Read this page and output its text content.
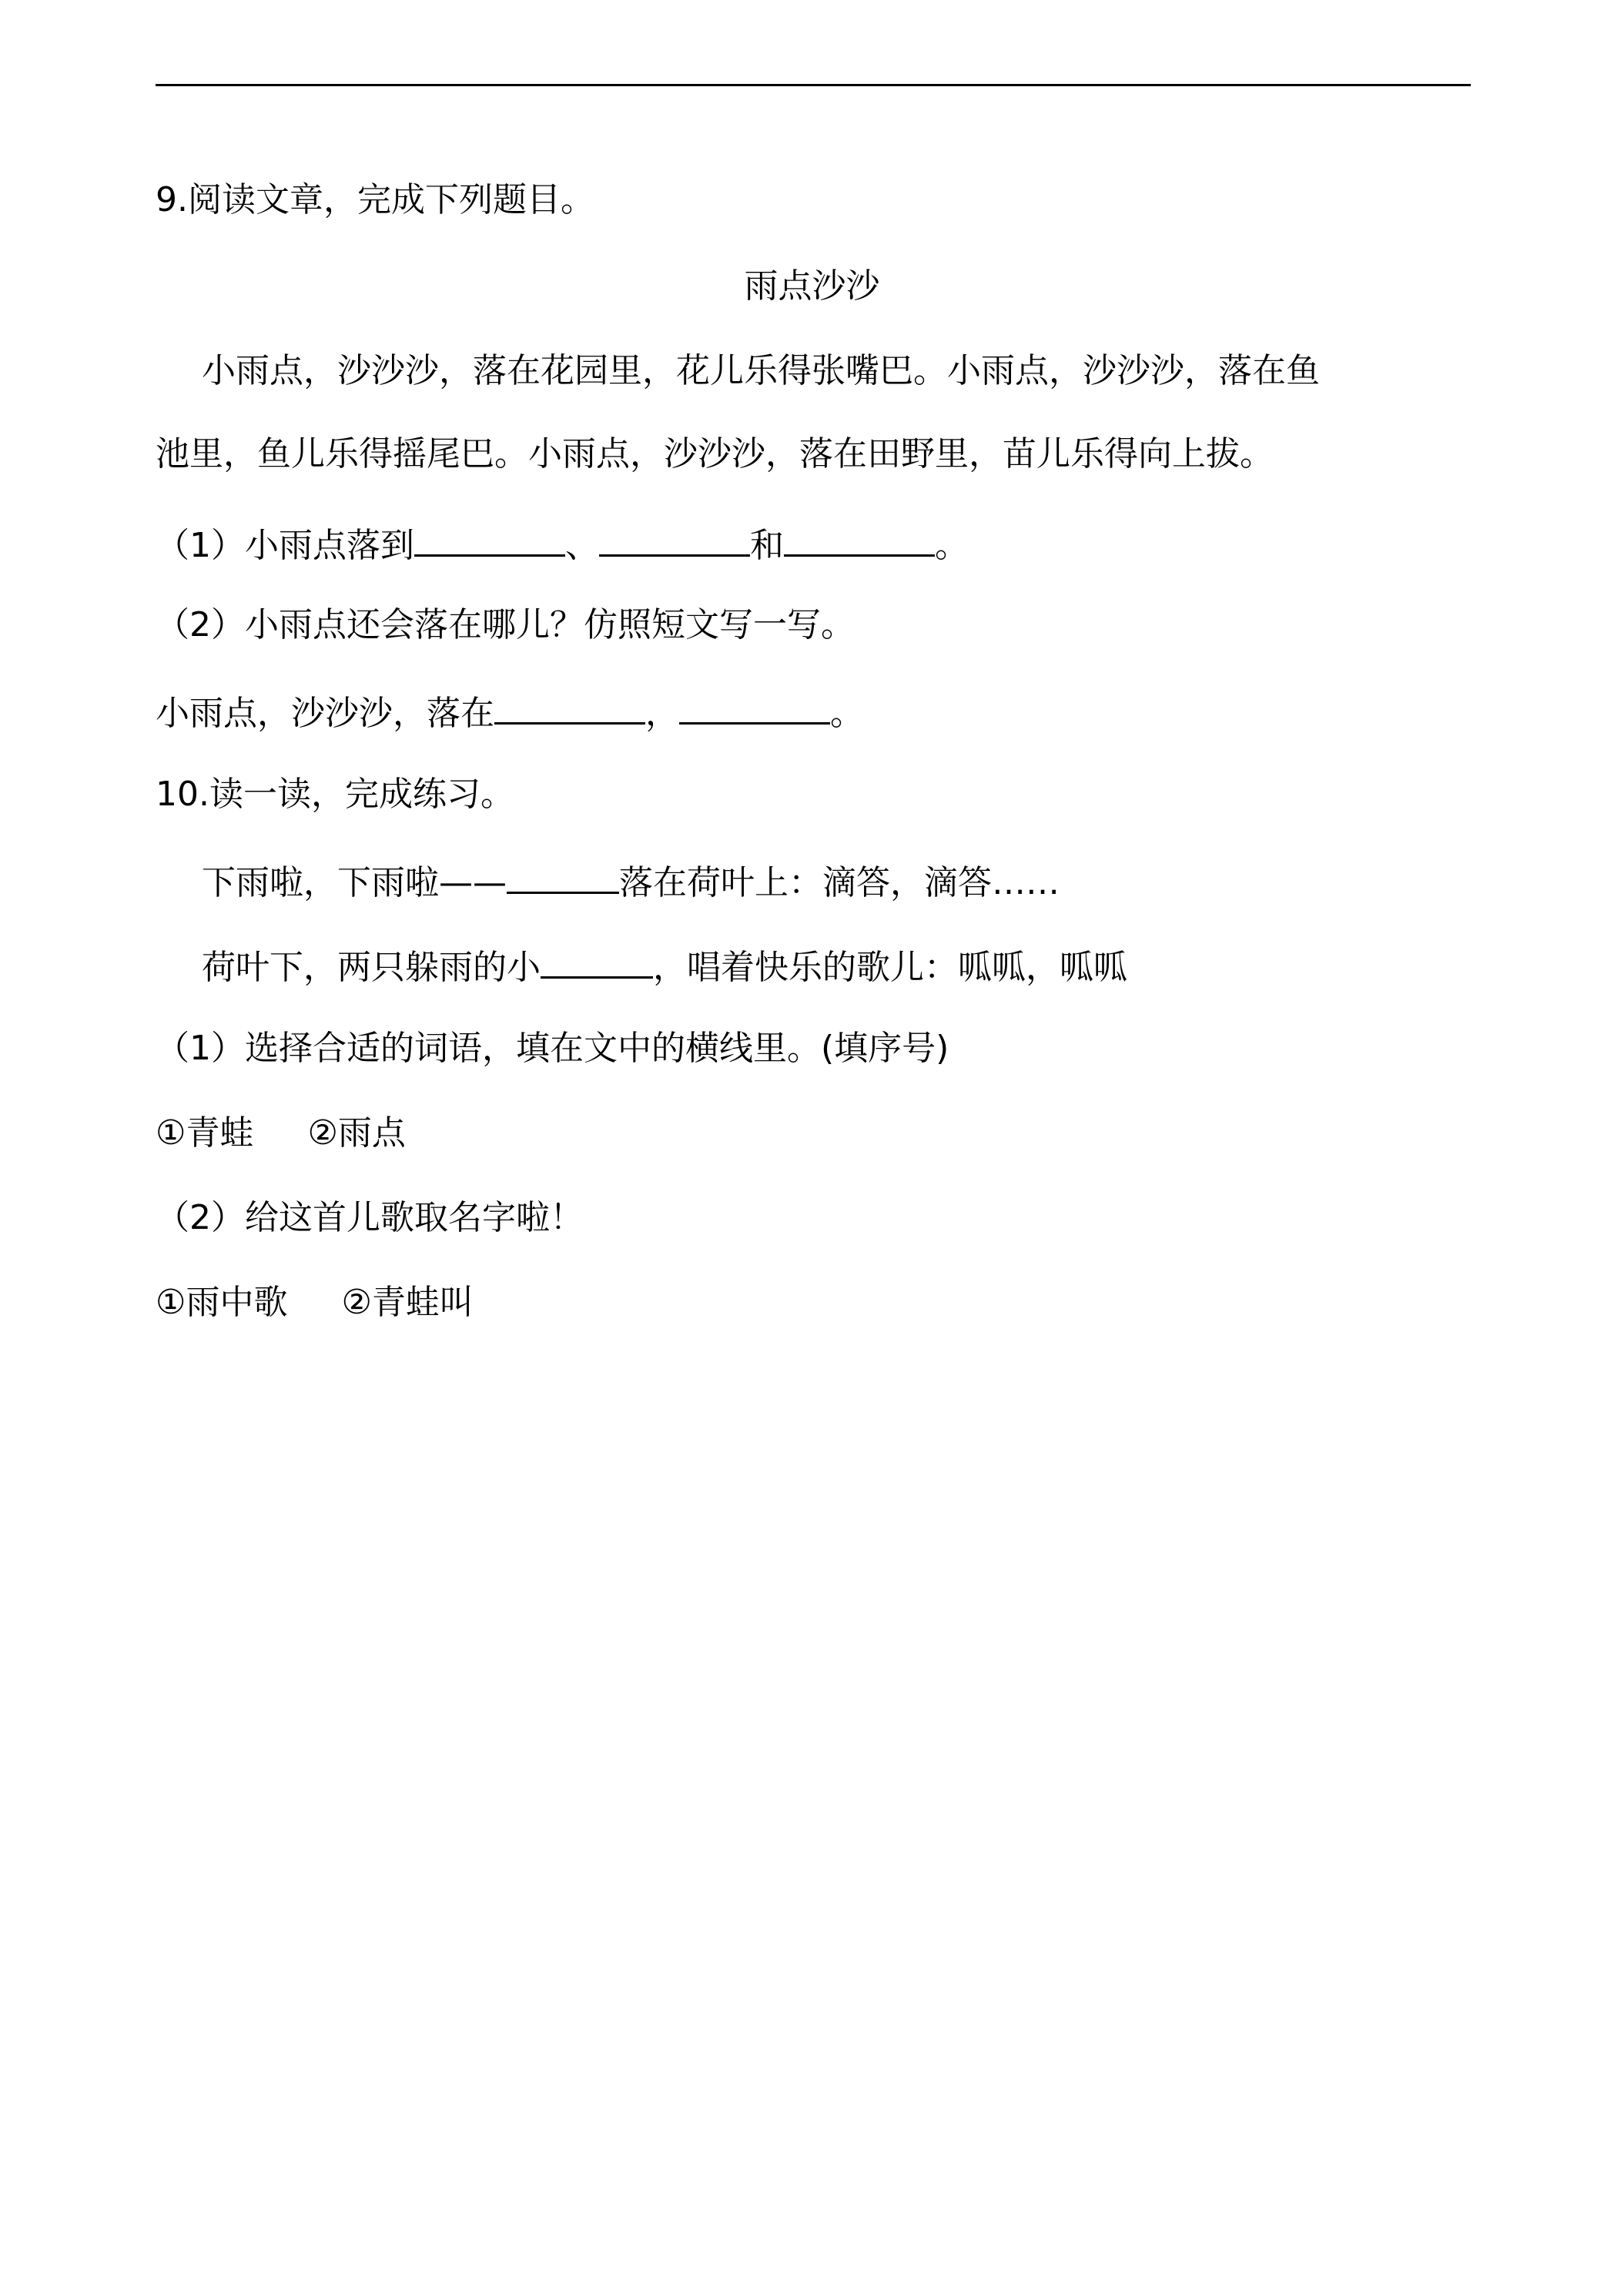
9.阅读文章，完成下列题目。
雨点沙沙
小雨点，沙沙沙，落在花园里，花儿乐得张嘴巴。小雨点，沙沙沙，落在鱼
池里，鱼儿乐得摇尾巴。小雨点，沙沙沙，落在田野里，苗儿乐得向上拔。
（1）小雨点落到	、	和	。
（2）小雨点还会落在哪儿？仿照短文写一写。
小雨点，沙沙沙，落在	，	。
10.读一读，完成练习。
下雨啦，下雨啦——	落在荷叶上：滴答，滴答……
荷叶下，两只躲雨的小	，唱着快乐的歌儿：呱呱，呱呱
（1）选择合适的词语，填在文中的横线里。(填序号)
①青蛙 ②雨点
（2）给这首儿歌取名字啦！
①雨中歌 ②青蛙叫
